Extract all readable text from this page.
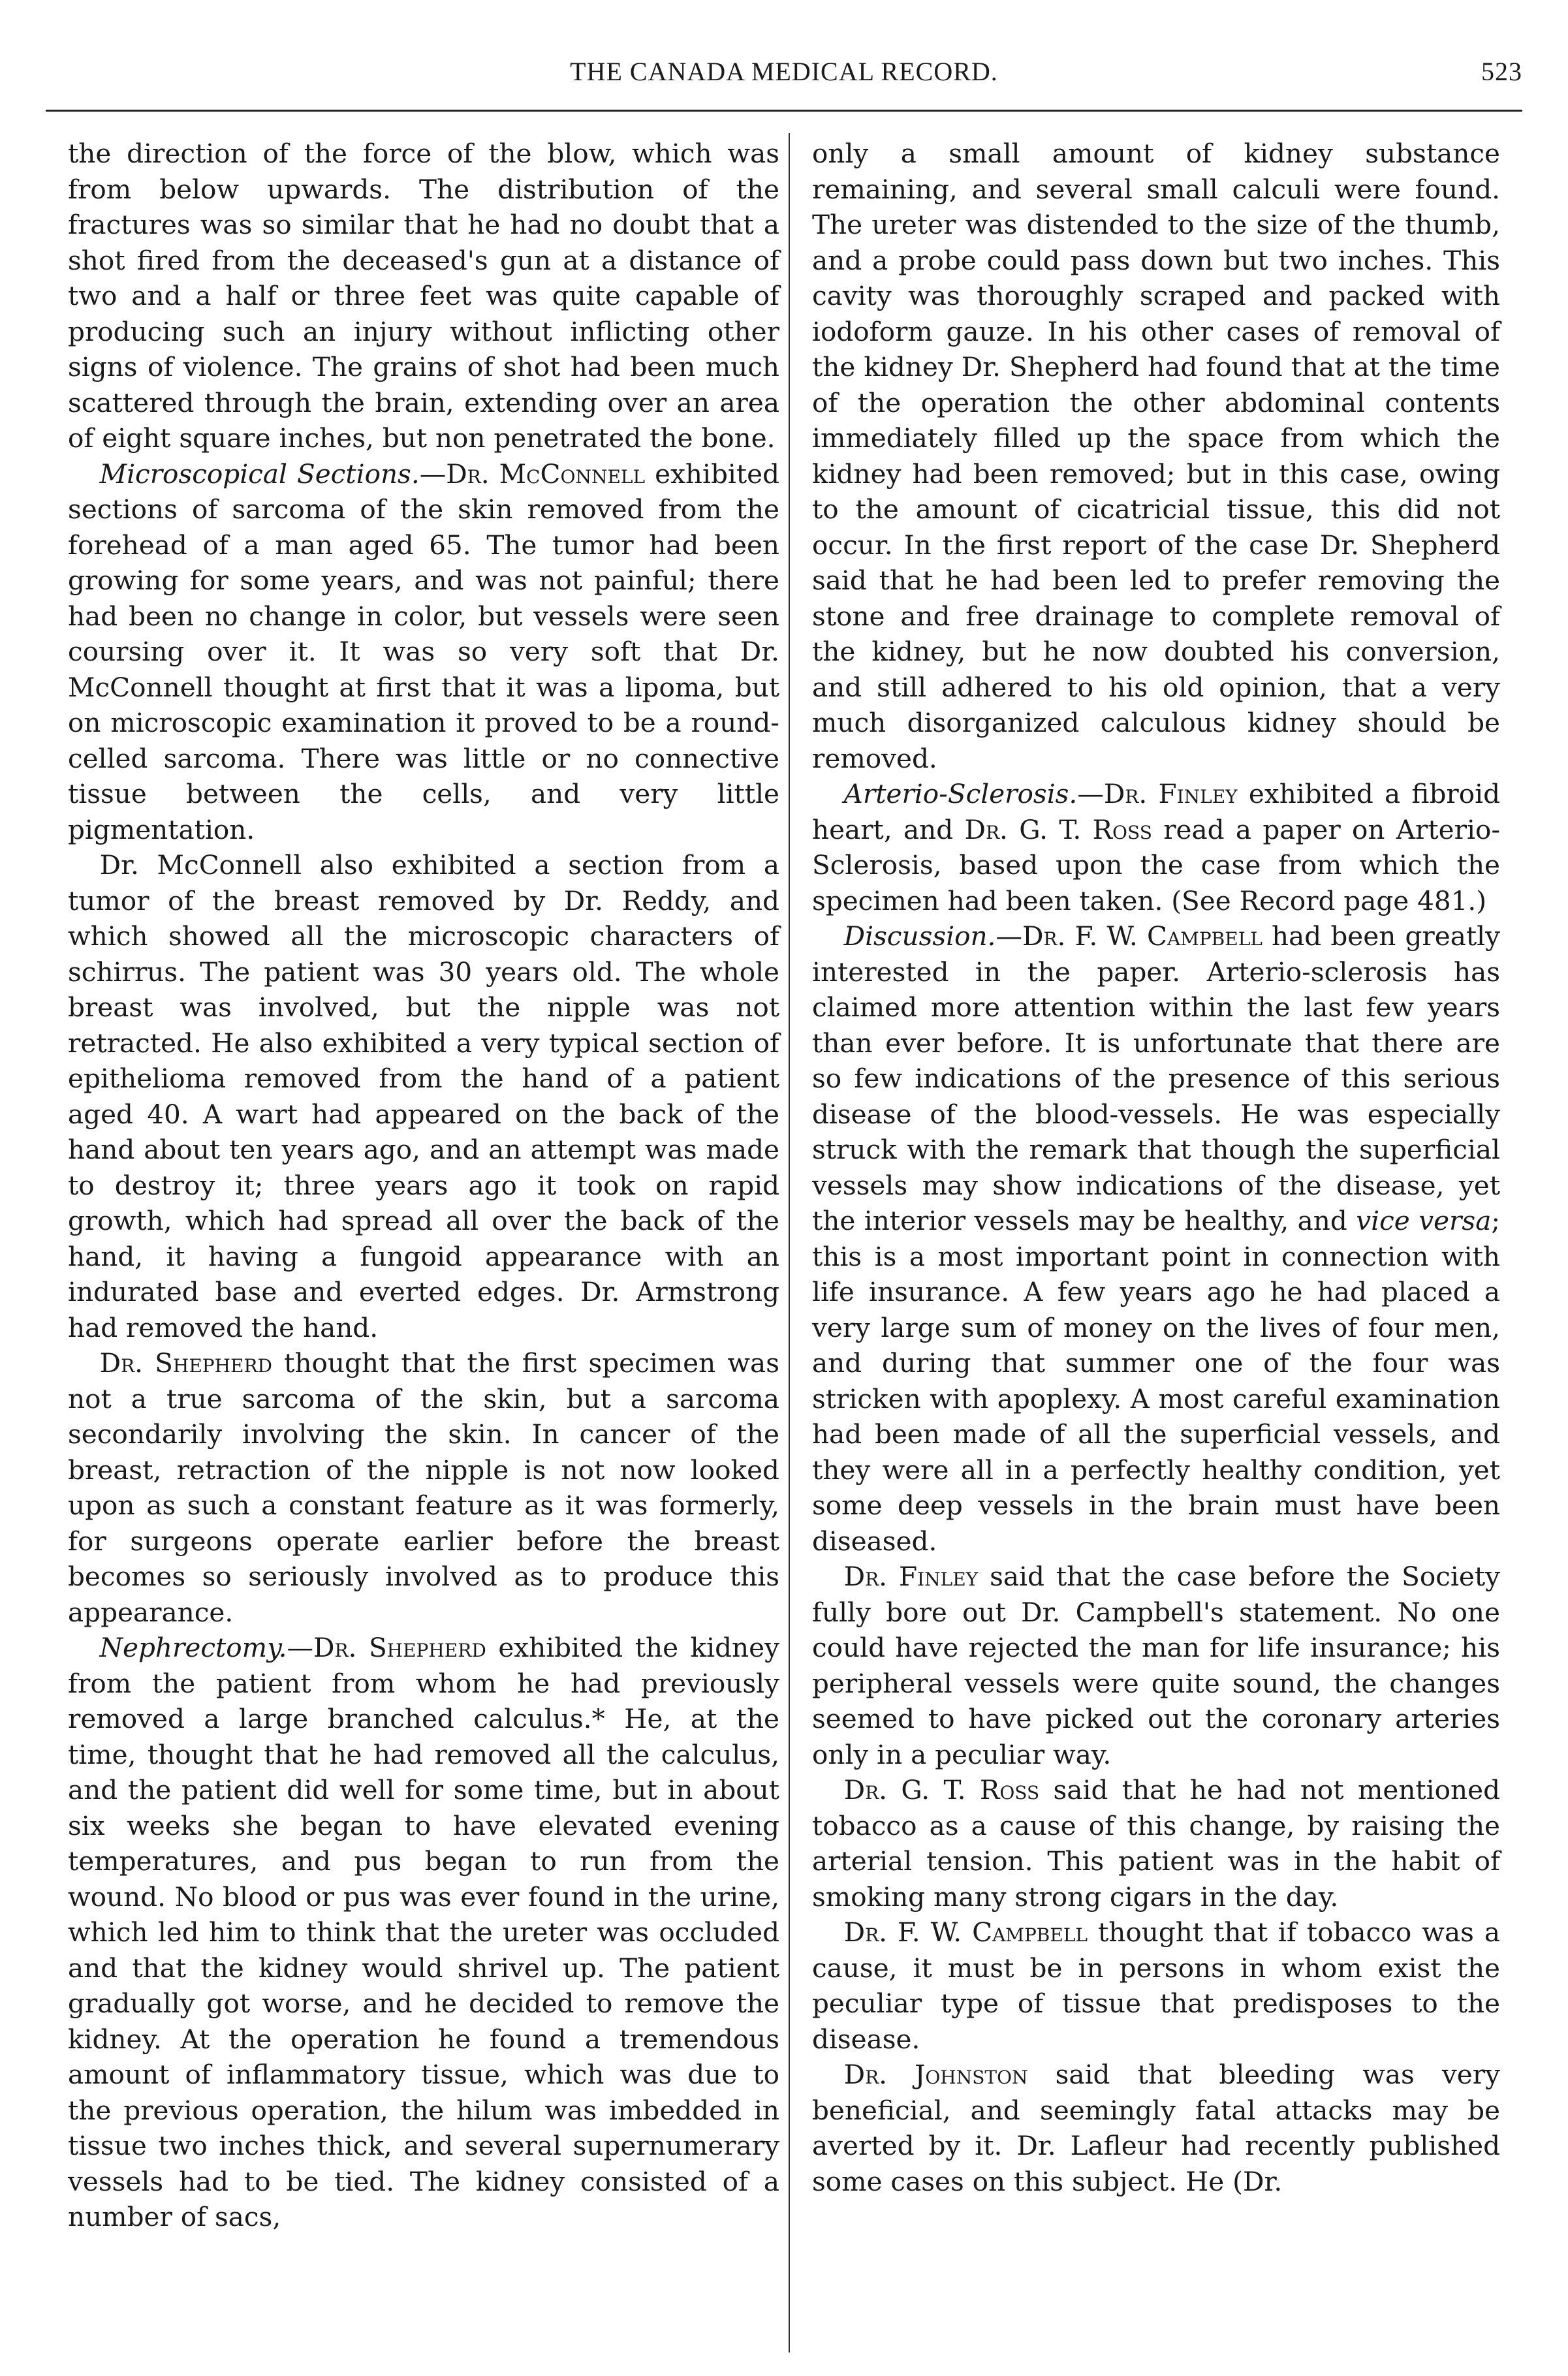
THE CANADA MEDICAL RECORD.	523

the direction of the force of the blow, which was from below upwards. The distribution of the fractures was so similar that he had no doubt that a shot fired from the deceased's gun at a distance of two and a half or three feet was quite capable of producing such an injury without inflicting other signs of violence. The grains of shot had been much scattered through the brain, extending over an area of eight square inches, but non penetrated the bone.

Microscopical Sections.—Dr. McConnell exhibited sections of sarcoma of the skin removed from the forehead of a man aged 65. The tumor had been growing for some years, and was not painful; there had been no change in color, but vessels were seen coursing over it. It was so very soft that Dr. McConnell thought at first that it was a lipoma, but on microscopic examination it proved to be a round-celled sarcoma. There was little or no connective tissue between the cells, and very little pigmentation.

Dr. McConnell also exhibited a section from a tumor of the breast removed by Dr. Reddy, and which showed all the microscopic characters of schirrus. The patient was 30 years old. The whole breast was involved, but the nipple was not retracted. He also exhibited a very typical section of epithelioma removed from the hand of a patient aged 40. A wart had appeared on the back of the hand about ten years ago, and an attempt was made to destroy it; three years ago it took on rapid growth, which had spread all over the back of the hand, it having a fungoid appearance with an indurated base and everted edges. Dr. Armstrong had removed the hand.

Dr. Shepherd thought that the first specimen was not a true sarcoma of the skin, but a sarcoma secondarily involving the skin. In cancer of the breast, retraction of the nipple is not now looked upon as such a constant feature as it was formerly, for surgeons operate earlier before the breast becomes so seriously involved as to produce this appearance.

Nephrectomy.—Dr. Shepherd exhibited the kidney from the patient from whom he had previously removed a large branched calculus.* He, at the time, thought that he had removed all the calculus, and the patient did well for some time, but in about six weeks she began to have elevated evening temperatures, and pus began to run from the wound. No blood or pus was ever found in the urine, which led him to think that the ureter was occluded and that the kidney would shrivel up. The patient gradually got worse, and he decided to remove the kidney. At the operation he found a tremendous amount of inflammatory tissue, which was due to the previous operation, the hilum was imbedded in tissue two inches thick, and several supernumerary vessels had to be tied. The kidney consisted of a number of sacs,

only a small amount of kidney substance remaining, and several small calculi were found. The ureter was distended to the size of the thumb, and a probe could pass down but two inches. This cavity was thoroughly scraped and packed with iodoform gauze. In his other cases of removal of the kidney Dr. Shepherd had found that at the time of the operation the other abdominal contents immediately filled up the space from which the kidney had been removed; but in this case, owing to the amount of cicatricial tissue, this did not occur. In the first report of the case Dr. Shepherd said that he had been led to prefer removing the stone and free drainage to complete removal of the kidney, but he now doubted his conversion, and still adhered to his old opinion, that a very much disorganized calculous kidney should be removed.

Arterio-Sclerosis.—Dr. Finley exhibited a fibroid heart, and Dr. G. T. Ross read a paper on Arterio-Sclerosis, based upon the case from which the specimen had been taken. (See Record page 481.)

Discussion.—Dr. F. W. Campbell had been greatly interested in the paper. Arterio-sclerosis has claimed more attention within the last few years than ever before. It is unfortunate that there are so few indications of the presence of this serious disease of the blood-vessels. He was especially struck with the remark that though the superficial vessels may show indications of the disease, yet the interior vessels may be healthy, and vice versa; this is a most important point in connection with life insurance. A few years ago he had placed a very large sum of money on the lives of four men, and during that summer one of the four was stricken with apoplexy. A most careful examination had been made of all the superficial vessels, and they were all in a perfectly healthy condition, yet some deep vessels in the brain must have been diseased.

Dr. Finley said that the case before the Society fully bore out Dr. Campbell's statement. No one could have rejected the man for life insurance; his peripheral vessels were quite sound, the changes seemed to have picked out the coronary arteries only in a peculiar way.

Dr. G. T. Ross said that he had not mentioned tobacco as a cause of this change, by raising the arterial tension. This patient was in the habit of smoking many strong cigars in the day.

Dr. F. W. Campbell thought that if tobacco was a cause, it must be in persons in whom exist the peculiar type of tissue that predisposes to the disease.

Dr. Johnston said that bleeding was very beneficial, and seemingly fatal attacks may be averted by it. Dr. Lafleur had recently published some cases on this subject. He (Dr.
